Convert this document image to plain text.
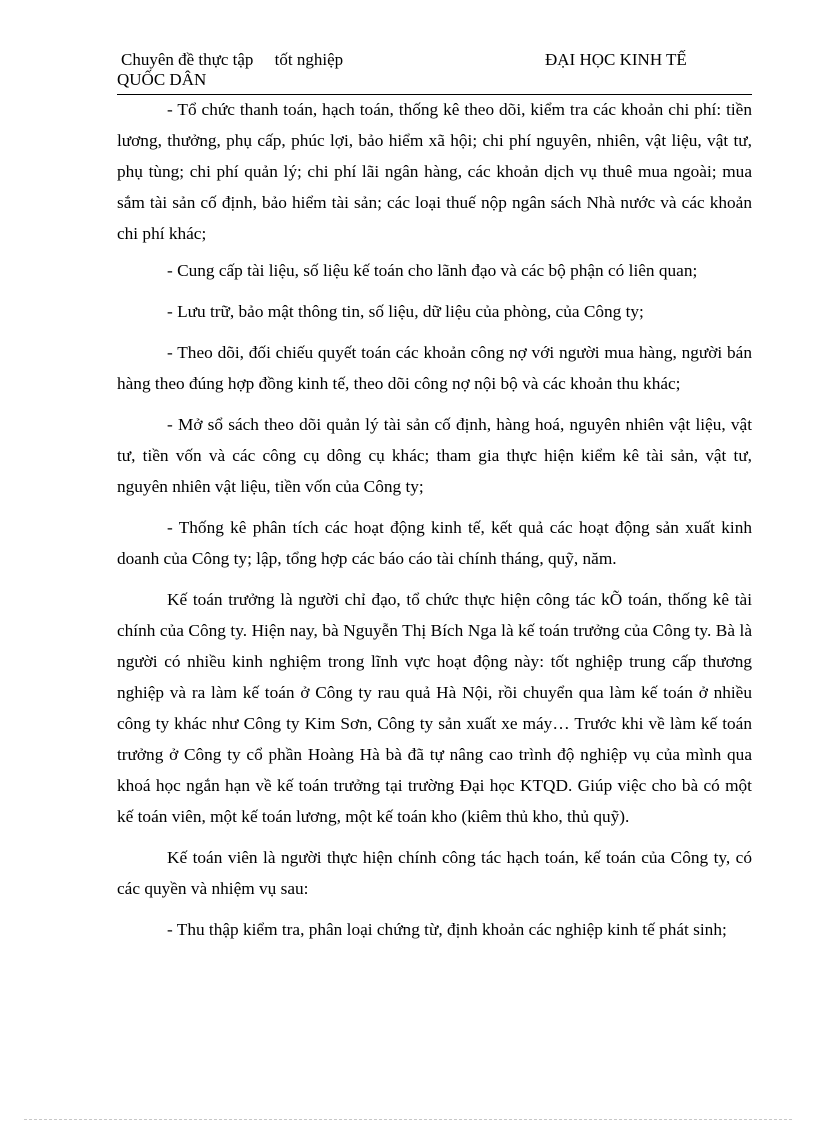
Chuyên đề thực tập     tốt nghiệp	ĐẠI HỌC KINH TẾ
QUỐC DÂN

- Tổ chức thanh toán, hạch toán, thống kê theo dõi, kiểm tra các khoản chi phí: tiền lương, thưởng, phụ cấp, phúc lợi, bảo hiểm xã hội; chi phí nguyên, nhiên, vật liệu, vật tư, phụ tùng; chi phí quản lý; chi phí lãi ngân hàng, các khoản dịch vụ thuê mua ngoài; mua sắm tài sản cố định, bảo hiểm tài sản; các loại thuế nộp ngân sách Nhà nước và các khoản chi phí khác;

- Cung cấp tài liệu, số liệu kế toán cho lãnh đạo và các bộ phận có liên quan;

- Lưu trữ, bảo mật thông tin, số liệu, dữ liệu của phòng, của Công ty;

- Theo dõi, đối chiếu quyết toán các khoản công nợ với người mua hàng, người bán hàng theo đúng hợp đồng kinh tế, theo dõi công nợ nội bộ và các khoản thu khác;

- Mở sổ sách theo dõi quản lý tài sản cố định, hàng hoá, nguyên nhiên vật liệu, vật tư, tiền vốn và các công cụ dông cụ khác; tham gia thực hiện kiểm kê tài sản, vật tư, nguyên nhiên vật liệu, tiền vốn của Công ty;

- Thống kê phân tích các hoạt động kinh tế, kết quả các hoạt động sản xuất kinh doanh của Công ty; lập, tổng hợp các báo cáo tài chính tháng, quỹ, năm.

Kế toán trưởng là người chỉ đạo, tổ chức thực hiện công tác kÕ toán, thống kê tài chính của Công ty. Hiện nay, bà Nguyễn Thị Bích Nga là kế toán trưởng của Công ty. Bà là người có nhiều kinh nghiệm trong lĩnh vực hoạt động này: tốt nghiệp trung cấp thương nghiệp và ra làm kế toán ở Công ty rau quả Hà Nội, rồi chuyển qua làm kế toán ở nhiều công ty khác như Công ty Kim Sơn, Công ty sản xuất xe máy… Trước khi về làm kế toán trưởng ở Công ty cổ phần Hoàng Hà bà đã tự nâng cao trình độ nghiệp vụ của mình qua khoá học ngắn hạn về kế toán trưởng tại trường Đại học KTQD. Giúp việc cho bà có một kế toán viên, một kế toán lương, một kế toán kho (kiêm thủ kho, thủ quỹ).

Kế toán viên là người thực hiện chính công tác hạch toán, kế toán của Công ty, có các quyền và nhiệm vụ sau:

- Thu thập kiểm tra, phân loại chứng từ, định khoản các nghiệp kinh tế phát sinh;
